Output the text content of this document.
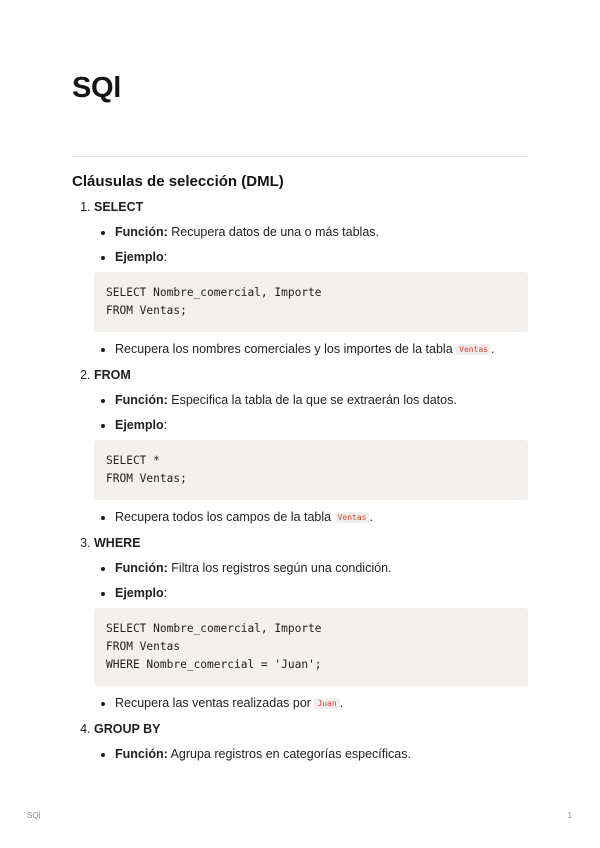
SQl
Cláusulas de selección (DML)
1. SELECT
• Función: Recupera datos de una o más tablas.
• Ejemplo:
SELECT Nombre_comercial, Importe
FROM Ventas;
• Recupera los nombres comerciales y los importes de la tabla Ventas .
2. FROM
• Función: Especifica la tabla de la que se extraerán los datos.
• Ejemplo:
SELECT *
FROM Ventas;
• Recupera todos los campos de la tabla Ventas .
3. WHERE
• Función: Filtra los registros según una condición.
• Ejemplo:
SELECT Nombre_comercial, Importe
FROM Ventas
WHERE Nombre_comercial = 'Juan';
• Recupera las ventas realizadas por Juan .
4. GROUP BY
• Función: Agrupa registros en categorías específicas.
SQl	1
